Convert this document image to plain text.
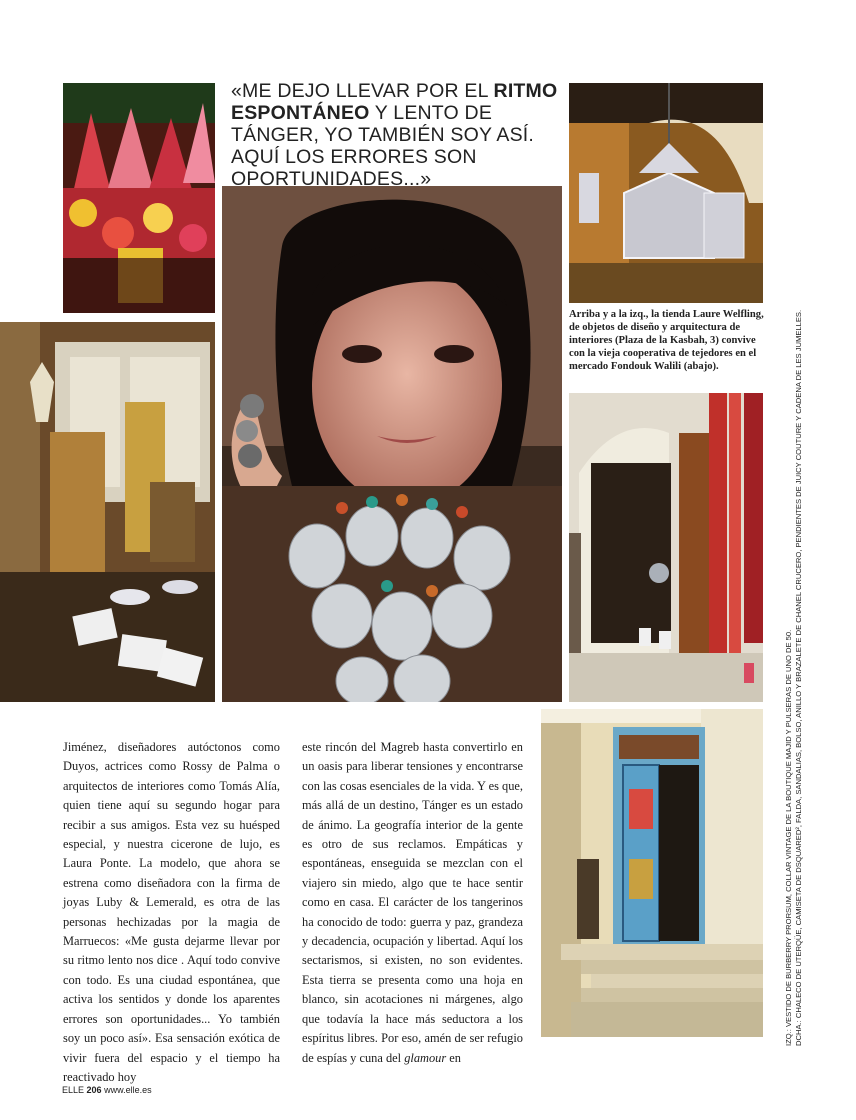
«ME DEJO LLEVAR POR EL RITMO
ESPONTÁNEO Y LENTO DE TÁNGER, YO TAMBIÉN SOY ASÍ. AQUÍ LOS ERRORES SON OPORTUNIDADES...»
Arriba y a la izq., la tienda Laure Welfling, de objetos de diseño y arquitectura de interiores (Plaza de la Kasbah, 3) convive con la vieja cooperativa de tejedores en el mercado Fondouk Walili (abajo).
Jiménez, diseñadores autóctonos como Duyos, actrices como Rossy de Palma o arquitectos de interiores como Tomás Alía, quien tiene aquí su segundo hogar para recibir a sus amigos. Esta vez su huésped especial, y nuestra cicerone de lujo, es Laura Ponte. La modelo, que ahora se estrena como diseñadora con la firma de joyas Luby & Lemerald, es otra de las personas hechizadas por la magia de Marruecos: «Me gusta dejarme llevar por su ritmo lento nos dice . Aquí todo convive con todo. Es una ciudad espontánea, que activa los sentidos y donde los aparentes errores son oportunidades... Yo también soy un poco así». Esa sensación exótica de vivir fuera del espacio y el tiempo ha reactivado hoy
este rincón del Magreb hasta convertirlo en un oasis para liberar tensiones y encontrarse con las cosas esenciales de la vida. Y es que, más allá de un destino, Tánger es un estado de ánimo. La geografía interior de la gente es otro de sus reclamos. Empáticas y espontáneas, enseguida se mezclan con el viajero sin miedo, algo que te hace sentir como en casa. El carácter de los tangerinos ha conocido de todo: guerra y paz, grandeza y decadencia, ocupación y libertad. Aquí los sectarismos, si existen, no son evidentes. Esta tierra se presenta como una hoja en blanco, sin acotaciones ni márgenes, algo que todavía la hace más seductora a los espíritus libres. Por eso, amén de ser refugio de espías y cuna del glamour en
IZQ.: VESTIDO DE BURBERRY PRORSUM, COLLAR VINTAGE DE LA BOUTIQUE MAJID Y PULSERAS DE UNO DE 50. DCHA.: CHALECO DE UTERQÜE, CAMISETA DE DSQUARED², FALDA, SANDALIAS, BOLSO, ANILLO Y BRAZALETE DE CHANEL CRUCERO, PENDIENTES DE JUICY COUTURE Y CADENA DE LES JUMELLES.
ELLE 206 www.elle.es
